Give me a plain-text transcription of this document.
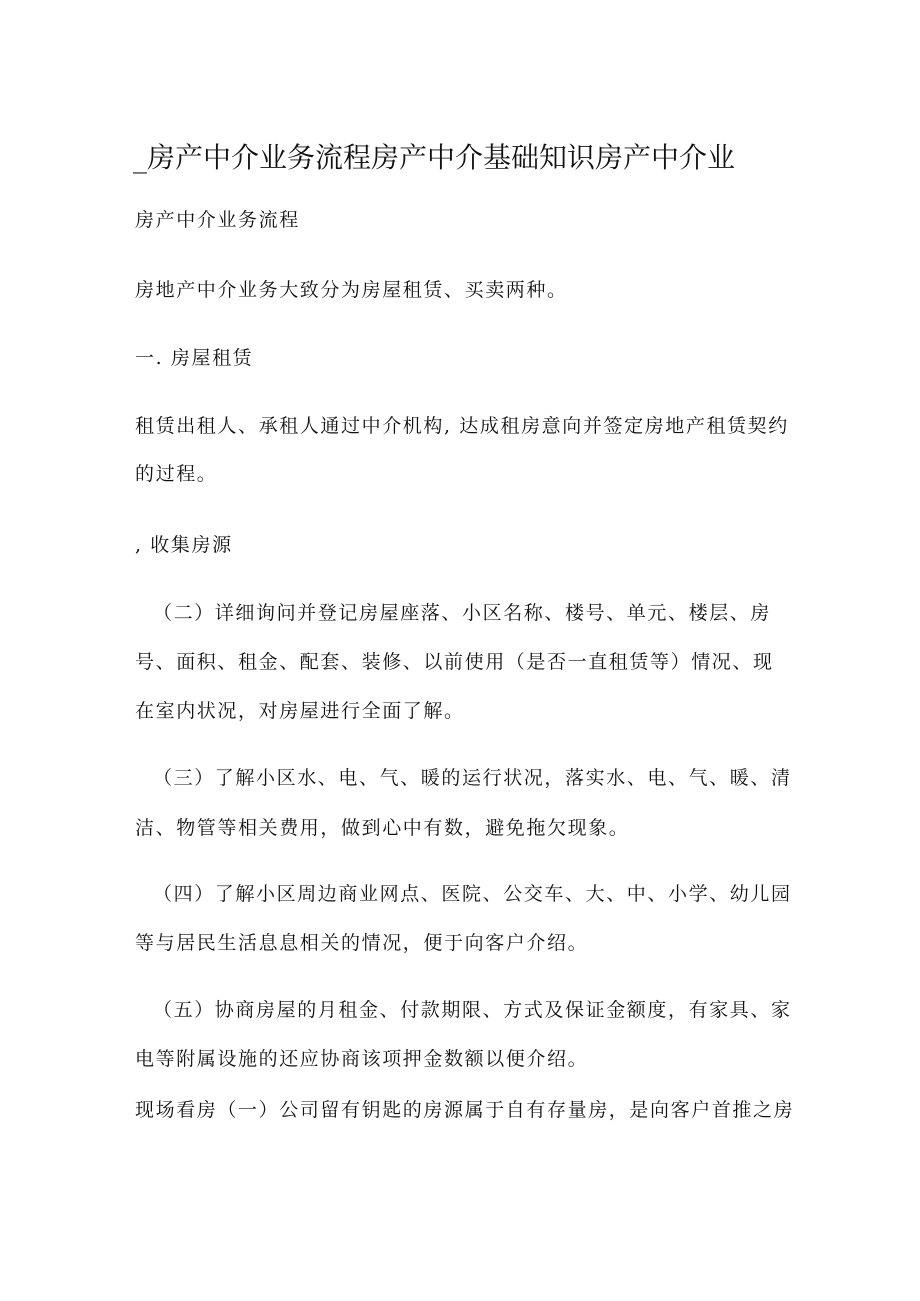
_房产中介业务流程房产中介基础知识房产中介业
房产中介业务流程
房地产中介业务大致分为房屋租赁、买卖两种。
一. 房屋租赁
租赁出租人、承租人通过中介机构, 达成租房意向并签定房地产租赁契约
的过程。
, 收集房源
（二）详细询问并登记房屋座落、小区名称、楼号、单元、楼层、房
号、面积、租金、配套、装修、以前使用（是否一直租赁等）情况、现
在室内状况，对房屋进行全面了解。
（三）了解小区水、电、气、暖的运行状况，落实水、电、气、暖、清
洁、物管等相关费用，做到心中有数，避免拖欠现象。
（四）了解小区周边商业网点、医院、公交车、大、中、小学、幼儿园
等与居民生活息息相关的情况，便于向客户介绍。
（五）协商房屋的月租金、付款期限、方式及保证金额度，有家具、家
电等附属设施的还应协商该项押金数额以便介绍。
现场看房（一）公司留有钥匙的房源属于自有存量房，是向客户首推之房
